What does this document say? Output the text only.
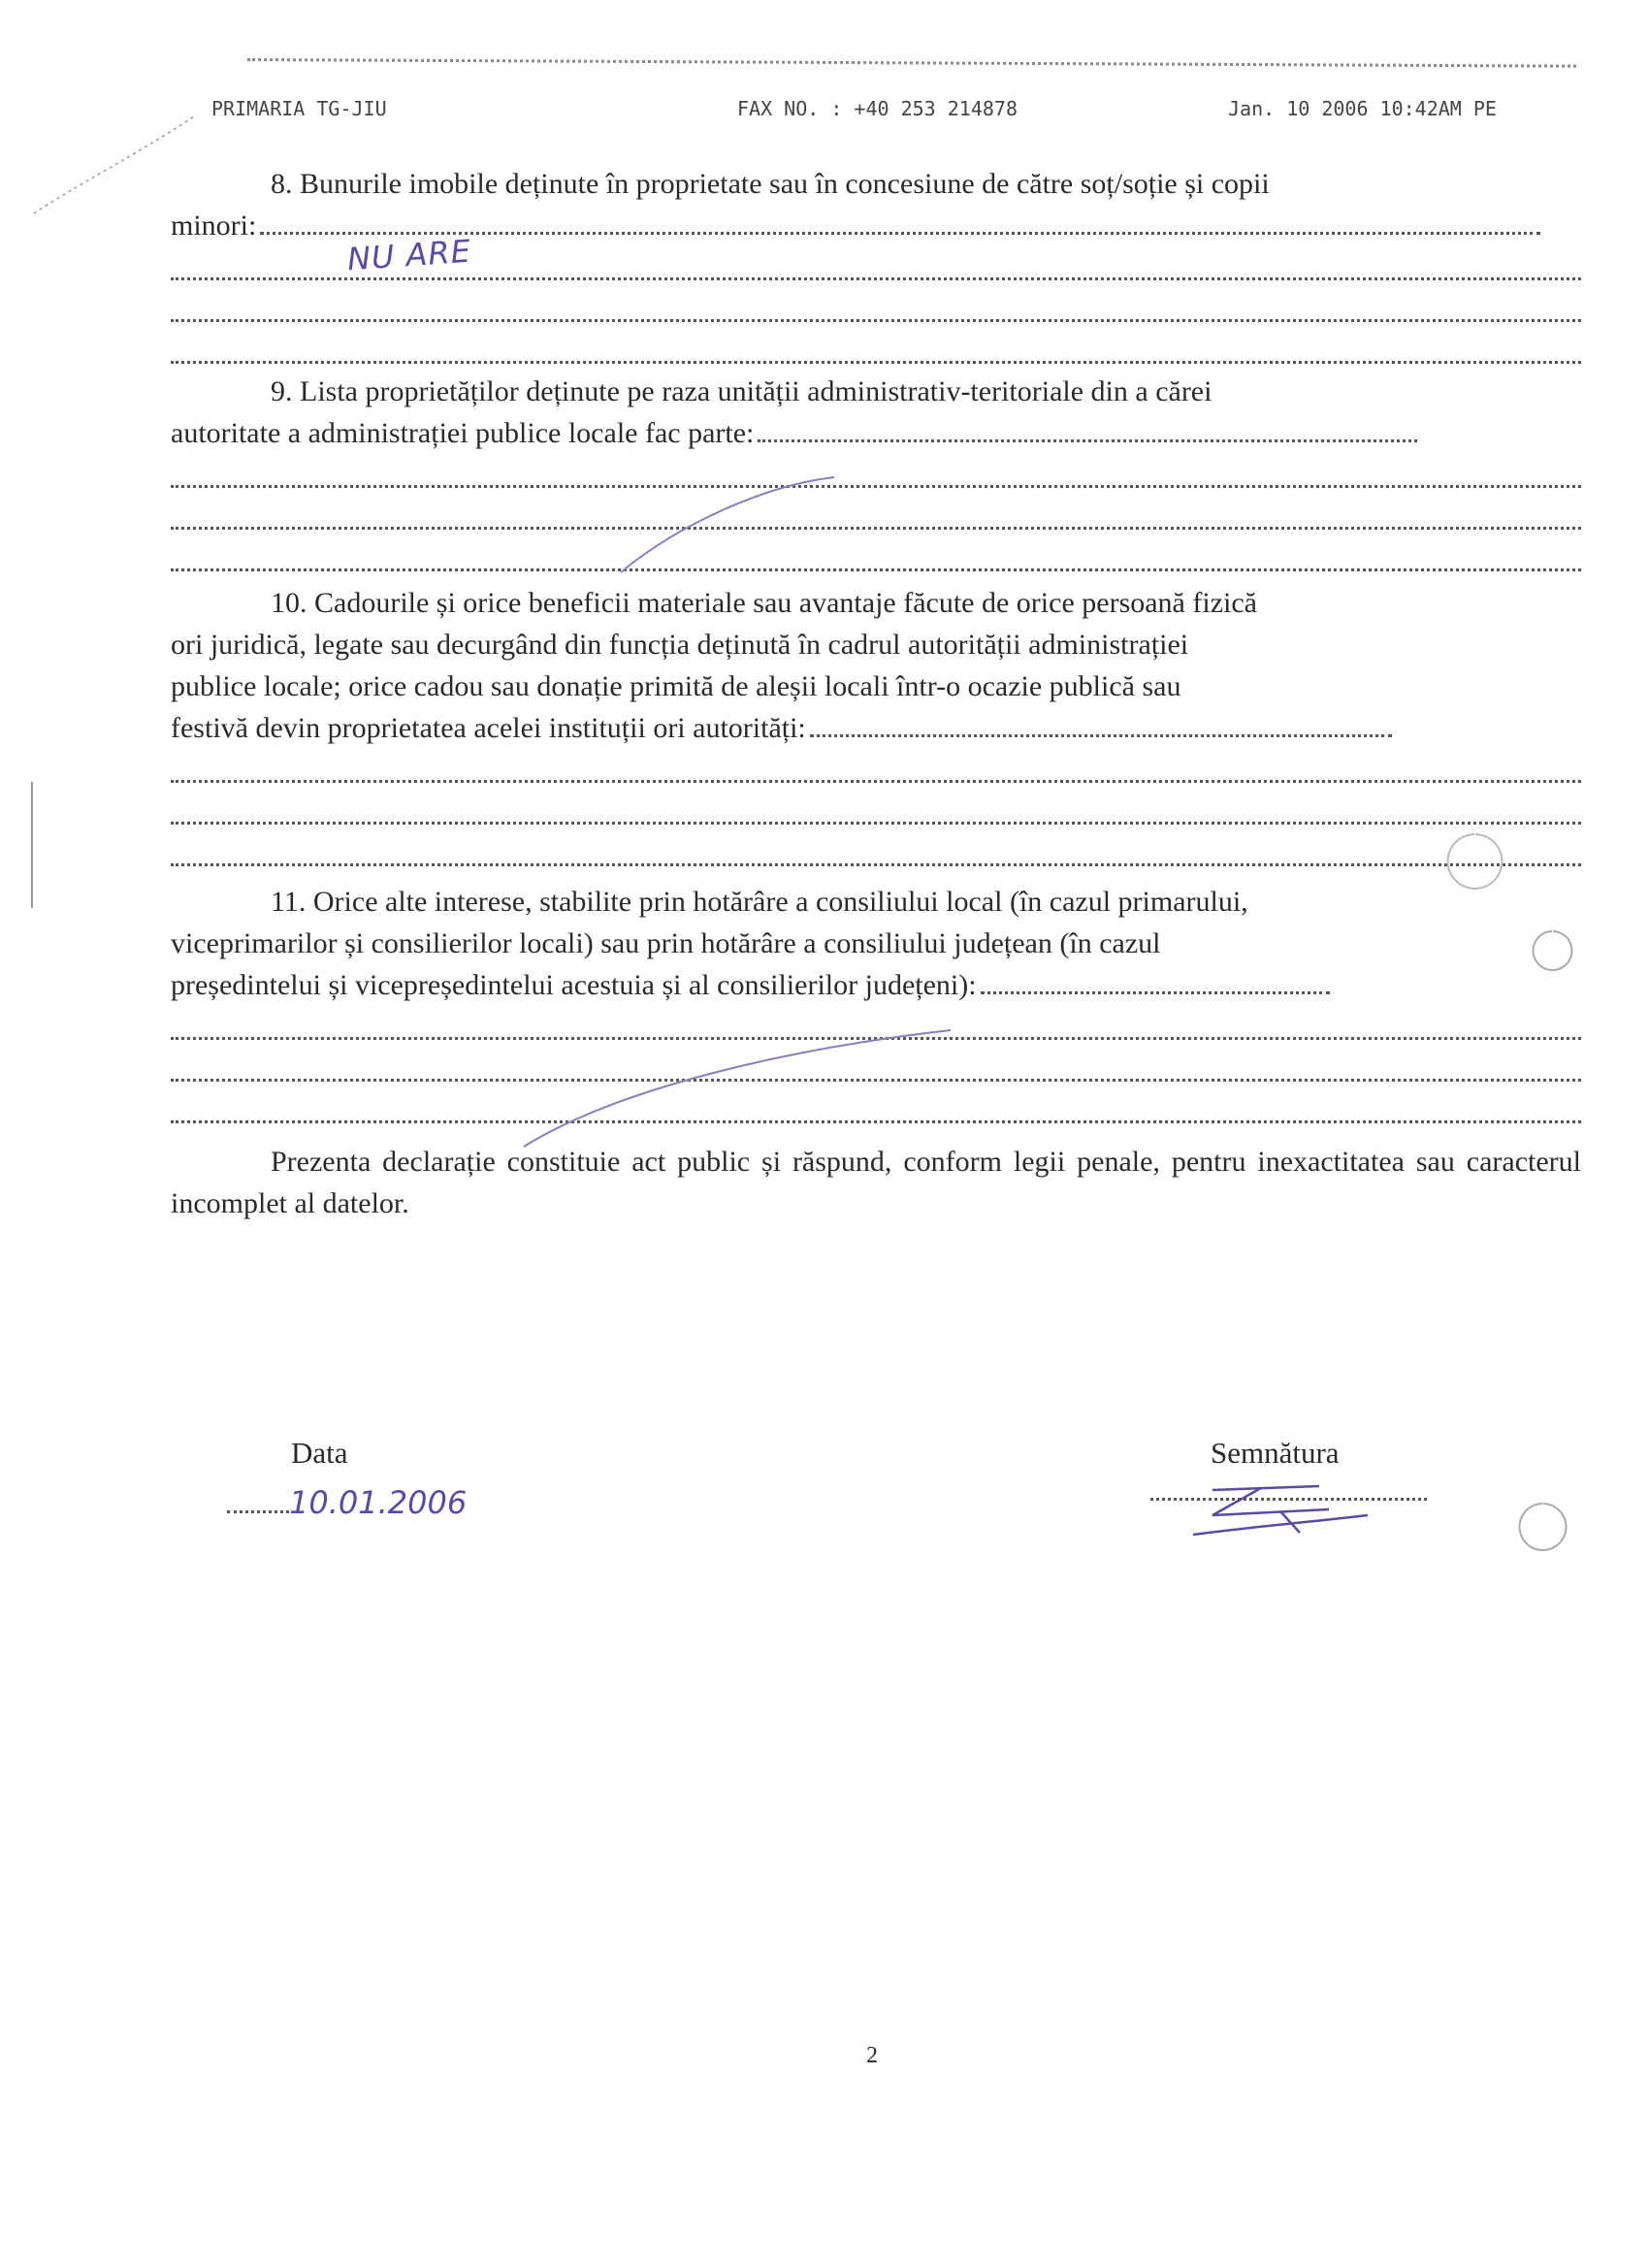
PRIMARIA TG-JIU	FAX NO. : +40 253 214878	Jan. 10 2006 10:42AM PE

8. Bunurile imobile deținute în proprietate sau în concesiune de către soț/soție și copii

minori:

NU ARE

9. Lista proprietăților deținute pe raza unității administrativ-teritoriale din a cărei

autoritate a administrației publice locale fac parte:

10. Cadourile și orice beneficii materiale sau avantaje făcute de orice persoană fizică

ori juridică, legate sau decurgând din funcția deținută în cadrul autorității administrației

publice locale; orice cadou sau donație primită de aleșii locali într-o ocazie publică sau

festivă devin proprietatea acelei instituții ori autorități:

11. Orice alte interese, stabilite prin hotărâre a consiliului local (în cazul primarului,

viceprimarilor și consilierilor locali) sau prin hotărâre a consiliului județean (în cazul

președintelui și vicepreședintelui acestuia și al consilierilor județeni):

Prezenta declarație constituie act public și răspund, conform legii penale, pentru inexactitatea sau caracterul incomplet al datelor.
Data
10.01.2006
Semnătura
2
